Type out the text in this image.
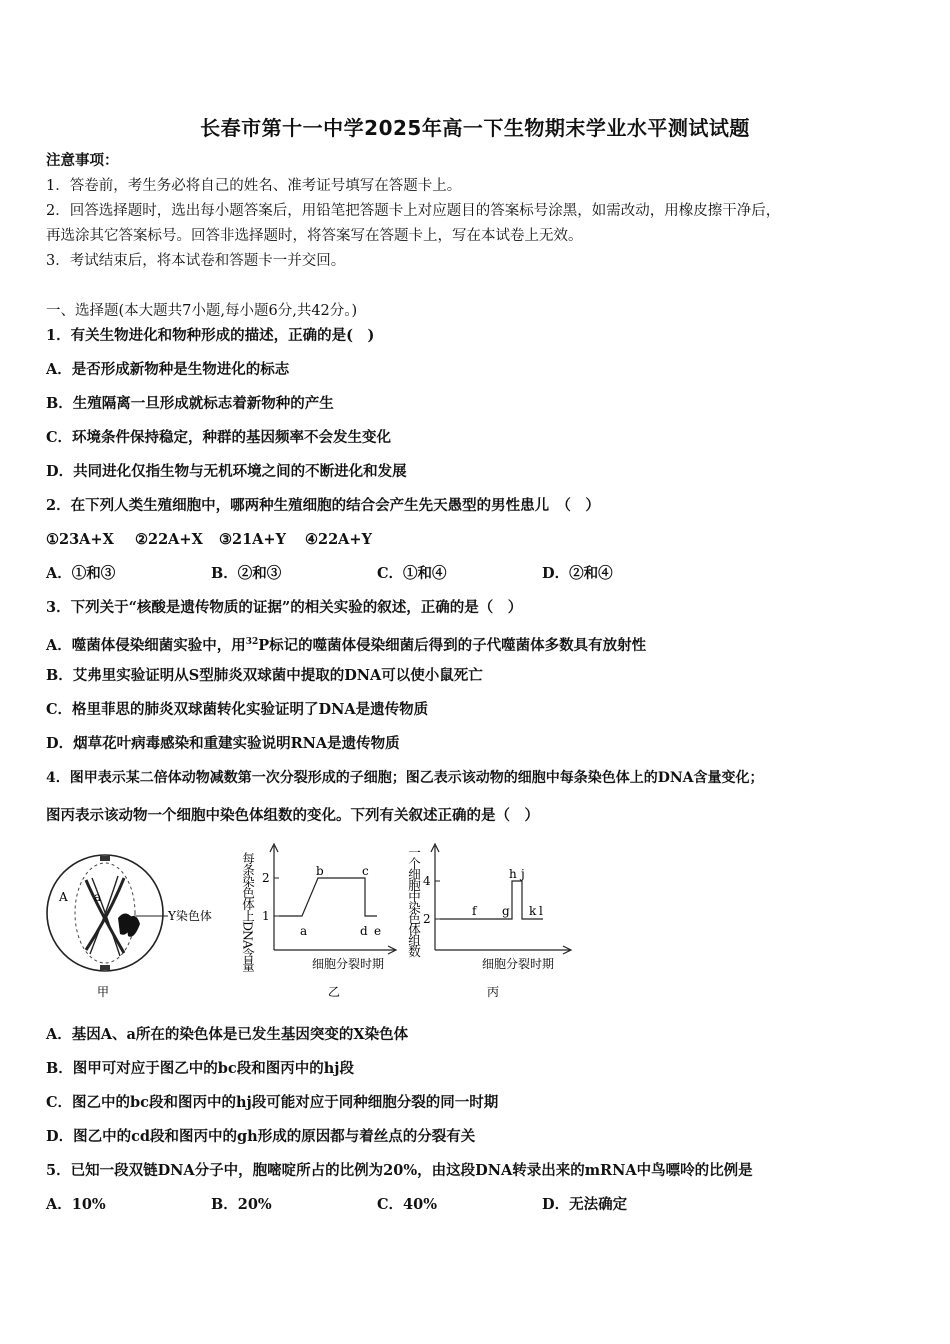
长春市第十一中学2025年高一下生物期末学业水平测试试题
注意事项：
1．答卷前，考生务必将自己的姓名、准考证号填写在答题卡上。
2．回答选择题时，选出每小题答案后，用铅笔把答题卡上对应题目的答案标号涂黑，如需改动，用橡皮擦干净后，
再选涂其它答案标号。回答非选择题时，将答案写在答题卡上，写在本试卷上无效。
3．考试结束后，将本试卷和答题卡一并交回。
一、选择题(本大题共7小题,每小题6分,共42分。)
1．有关生物进化和物种形成的描述，正确的是(　)
A．是否形成新物种是生物进化的标志
B．生殖隔离一旦形成就标志着新物种的产生
C．环境条件保持稳定，种群的基因频率不会发生变化
D．共同进化仅指生物与无机环境之间的不断进化和发展
2．在下列人类生殖细胞中，哪两种生殖细胞的结合会产生先天愚型的男性患儿　（　）
①23A+X ②22A+X ③21A+Y ④22A+Y
A．①和③	B．②和③	C．①和④	D．②和④
3．下列关于“核酸是遗传物质的证据”的相关实验的叙述，正确的是（　）
A．噬菌体侵染细菌实验中，用$^{32}$P标记的噬菌体侵染细菌后得到的子代噬菌体多数具有放射性
B．艾弗里实验证明从S型肺炎双球菌中提取的DNA可以使小鼠死亡
C．格里菲思的肺炎双球菌转化实验证明了DNA是遗传物质
D．烟草花叶病毒感染和重建实验说明RNA是遗传物质
4．图甲表示某二倍体动物减数第一次分裂形成的子细胞；图乙表示该动物的细胞中每条染色体上的DNA含量变化；
图丙表示该动物一个细胞中染色体组数的变化。下列有关叙述正确的是（　）
A a
Y染色体
甲
每条染色体上DNA含量 2
1
a
b	c
d e
细胞分裂时期
乙
一个细胞中染色体组数 4
2
f g
h j
k l
细胞分裂时期
丙
A．基因A、a所在的染色体是已发生基因突变的X染色体
B．图甲可对应于图乙中的bc段和图丙中的hj段
C．图乙中的bc段和图丙中的hj段可能对应于同种细胞分裂的同一时期
D．图乙中的cd段和图丙中的gh形成的原因都与着丝点的分裂有关
5．已知一段双链DNA分子中，胞嘧啶所占的比例为20%，由这段DNA转录出来的mRNA中鸟嘌呤的比例是
A．10%	B．20%	C．40%	D．无法确定
